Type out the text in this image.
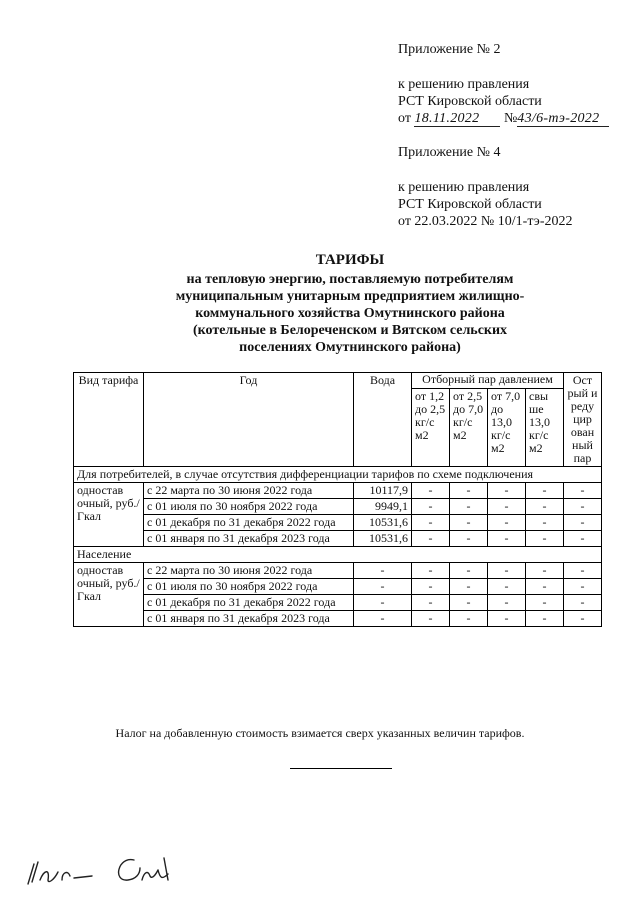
Приложение № 2

к решению правления

РСТ Кировской области

от 18.11.2022 №43/6-тэ-2022

Приложение № 4

к решению правления

РСТ Кировской области

от 22.03.2022 № 10/1-тэ-2022

ТАРИФЫ
на тепловую энергию, поставляемую потребителям
муниципальным унитарным предприятием жилищно-
коммунального хозяйства Омутнинского района
(котельные в Белореченском и Вятском сельских
поселениях Омутнинского района)
Вид тарифа	Год	Вода	Отборный пар давлением				Ост рый и реду цир ован ный пар
			от 1,2 до 2,5 кг/с м2	от 2,5 до 7,0 кг/с м2	от 7,0 до 13,0 кг/с м2	свы ше 13,0 кг/с м2	
Для потребителей, в случае отсутствия дифференциации тарифов по схеме подключения							
одностав очный, руб./Гкал	с 22 марта по 30 июня 2022 года	10117,9	-	-	-	-	-
	с 01 июля по 30 ноября 2022 года	9949,1	-	-	-	-	-
	с 01 декабря по 31 декабря 2022 года	10531,6	-	-	-	-	-
	с 01 января по 31 декабря 2023 года	10531,6	-	-	-	-	-
Население							
одностав очный, руб./Гкал	с 22 марта по 30 июня 2022 года	-	-	-	-	-	-
	с 01 июля по 30 ноября 2022 года	-	-	-	-	-	-
	с 01 декабря по 31 декабря 2022 года	-	-	-	-	-	-
	с 01 января по 31 декабря 2023 года	-	-	-	-	-	-
Налог на добавленную стоимость взимается сверх указанных величин тарифов.
